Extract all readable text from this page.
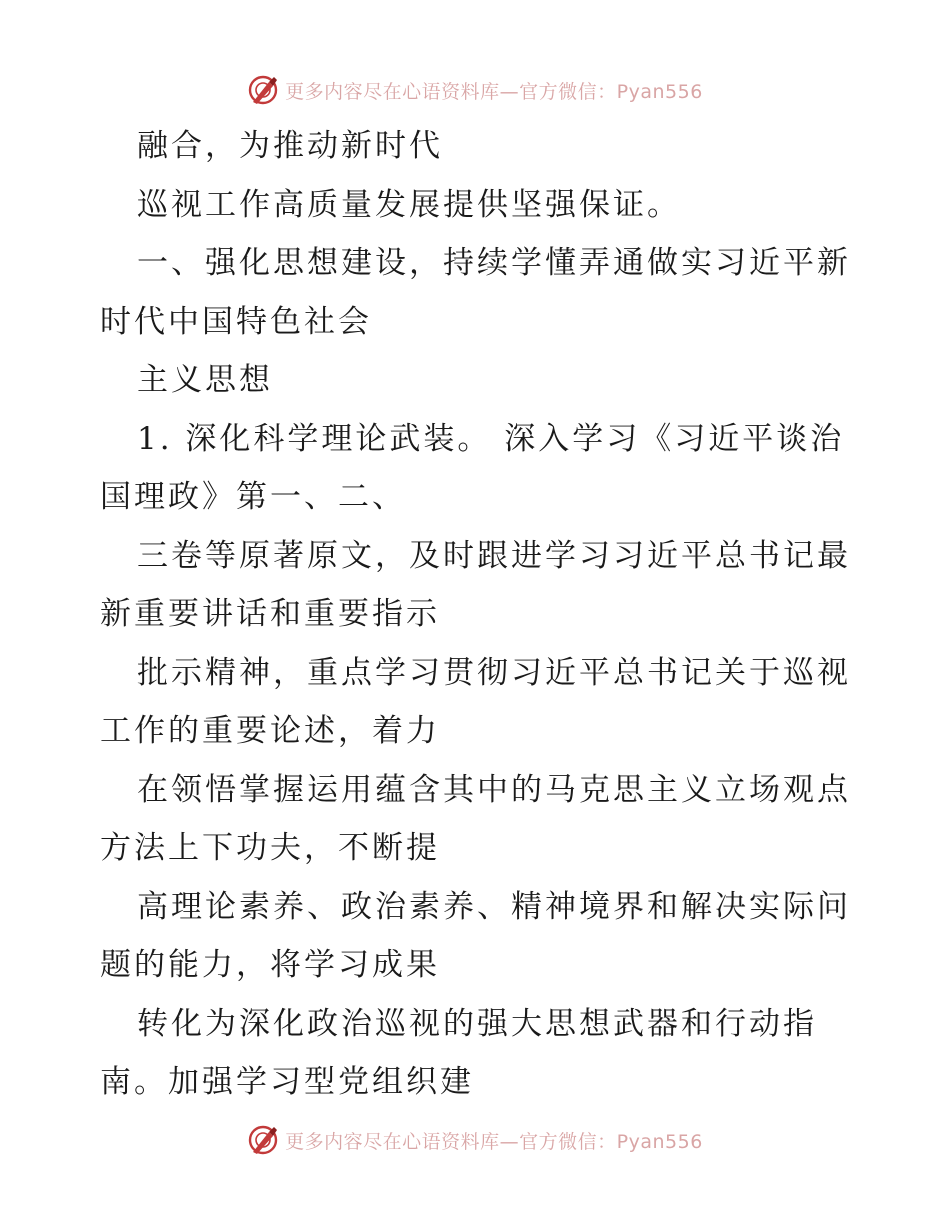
更多内容尽在心语资料库—官方微信：Pyan556
融合，为推动新时代
巡视工作高质量发展提供坚强保证。
一、强化思想建设，持续学懂弄通做实习近平新
时代中国特色社会
主义思想
1. 深化科学理论武装。 深入学习《习近平谈治
国理政》第一、二、
三卷等原著原文，及时跟进学习习近平总书记最
新重要讲话和重要指示
批示精神，重点学习贯彻习近平总书记关于巡视
工作的重要论述，着力
在领悟掌握运用蕴含其中的马克思主义立场观点
方法上下功夫，不断提
高理论素养、政治素养、精神境界和解决实际问
题的能力，将学习成果
转化为深化政治巡视的强大思想武器和行动指
南。加强学习型党组织建
更多内容尽在心语资料库—官方微信：Pyan556
